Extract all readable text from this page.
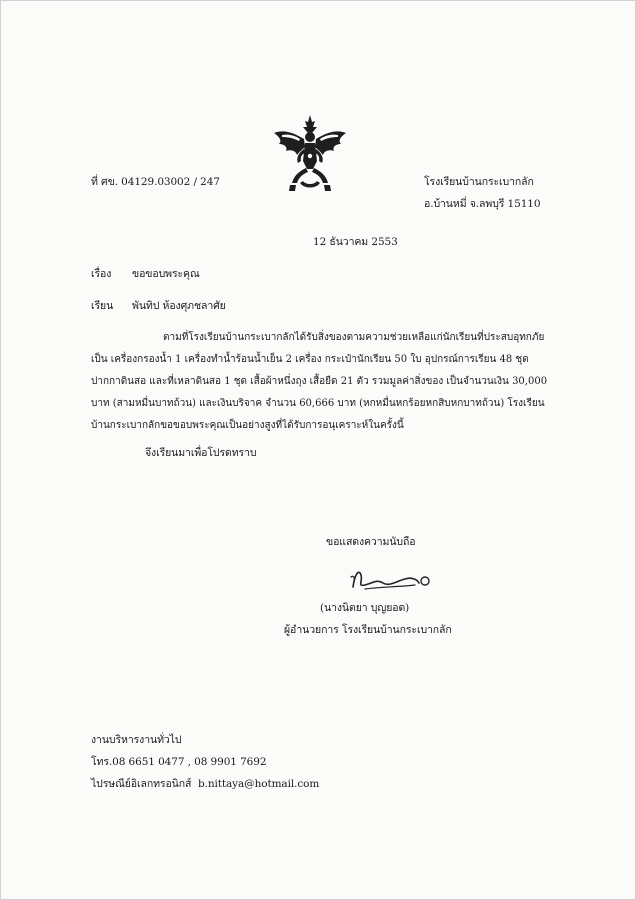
ที่ ศข. 04129.03002 / 247	โรงเรียนบ้านกระเบากลัก
อ.บ้านหมี่ จ.ลพบุรี 15110
12 ธันวาคม 2553
เรื่อง ขอขอบพระคุณ
เรียน พันทิป ห้องศุภชลาศัย
ตามที่โรงเรียนบ้านกระเบากลักได้รับสิ่งของตามความช่วยเหลือแก่นักเรียนที่ประสบอุทกภัย
เป็น เครื่องกรองน้ำ 1 เครื่องทำน้ำร้อนน้ำเย็น 2 เครื่อง กระเป๋านักเรียน 50 ใบ อุปกรณ์การเรียน 48 ชุด
ปากกาดินสอ และที่เหลาดินสอ 1 ชุด เสื้อผ้าหนึ่งถุง เสื้อยืด 21 ตัว รวมมูลค่าสิ่งของ เป็นจำนวนเงิน 30,000
บาท (สามหมื่นบาทถ้วน) และเงินบริจาค จำนวน 60,666 บาท (หกหมื่นหกร้อยหกสิบหกบาทถ้วน) โรงเรียน
บ้านกระเบากลักขอขอบพระคุณเป็นอย่างสูงที่ได้รับการอนุเคราะห์ในครั้งนี้
จึงเรียนมาเพื่อโปรดทราบ
ขอแสดงความนับถือ
(นางนิตยา บุญยอด)
ผู้อำนวยการ โรงเรียนบ้านกระเบากลัก
งานบริหารงานทั่วไป
โทร.08 6651 0477 , 08 9901 7692
ไปรษณีย์อิเลกทรอนิกส์ b.nittaya@hotmail.com
